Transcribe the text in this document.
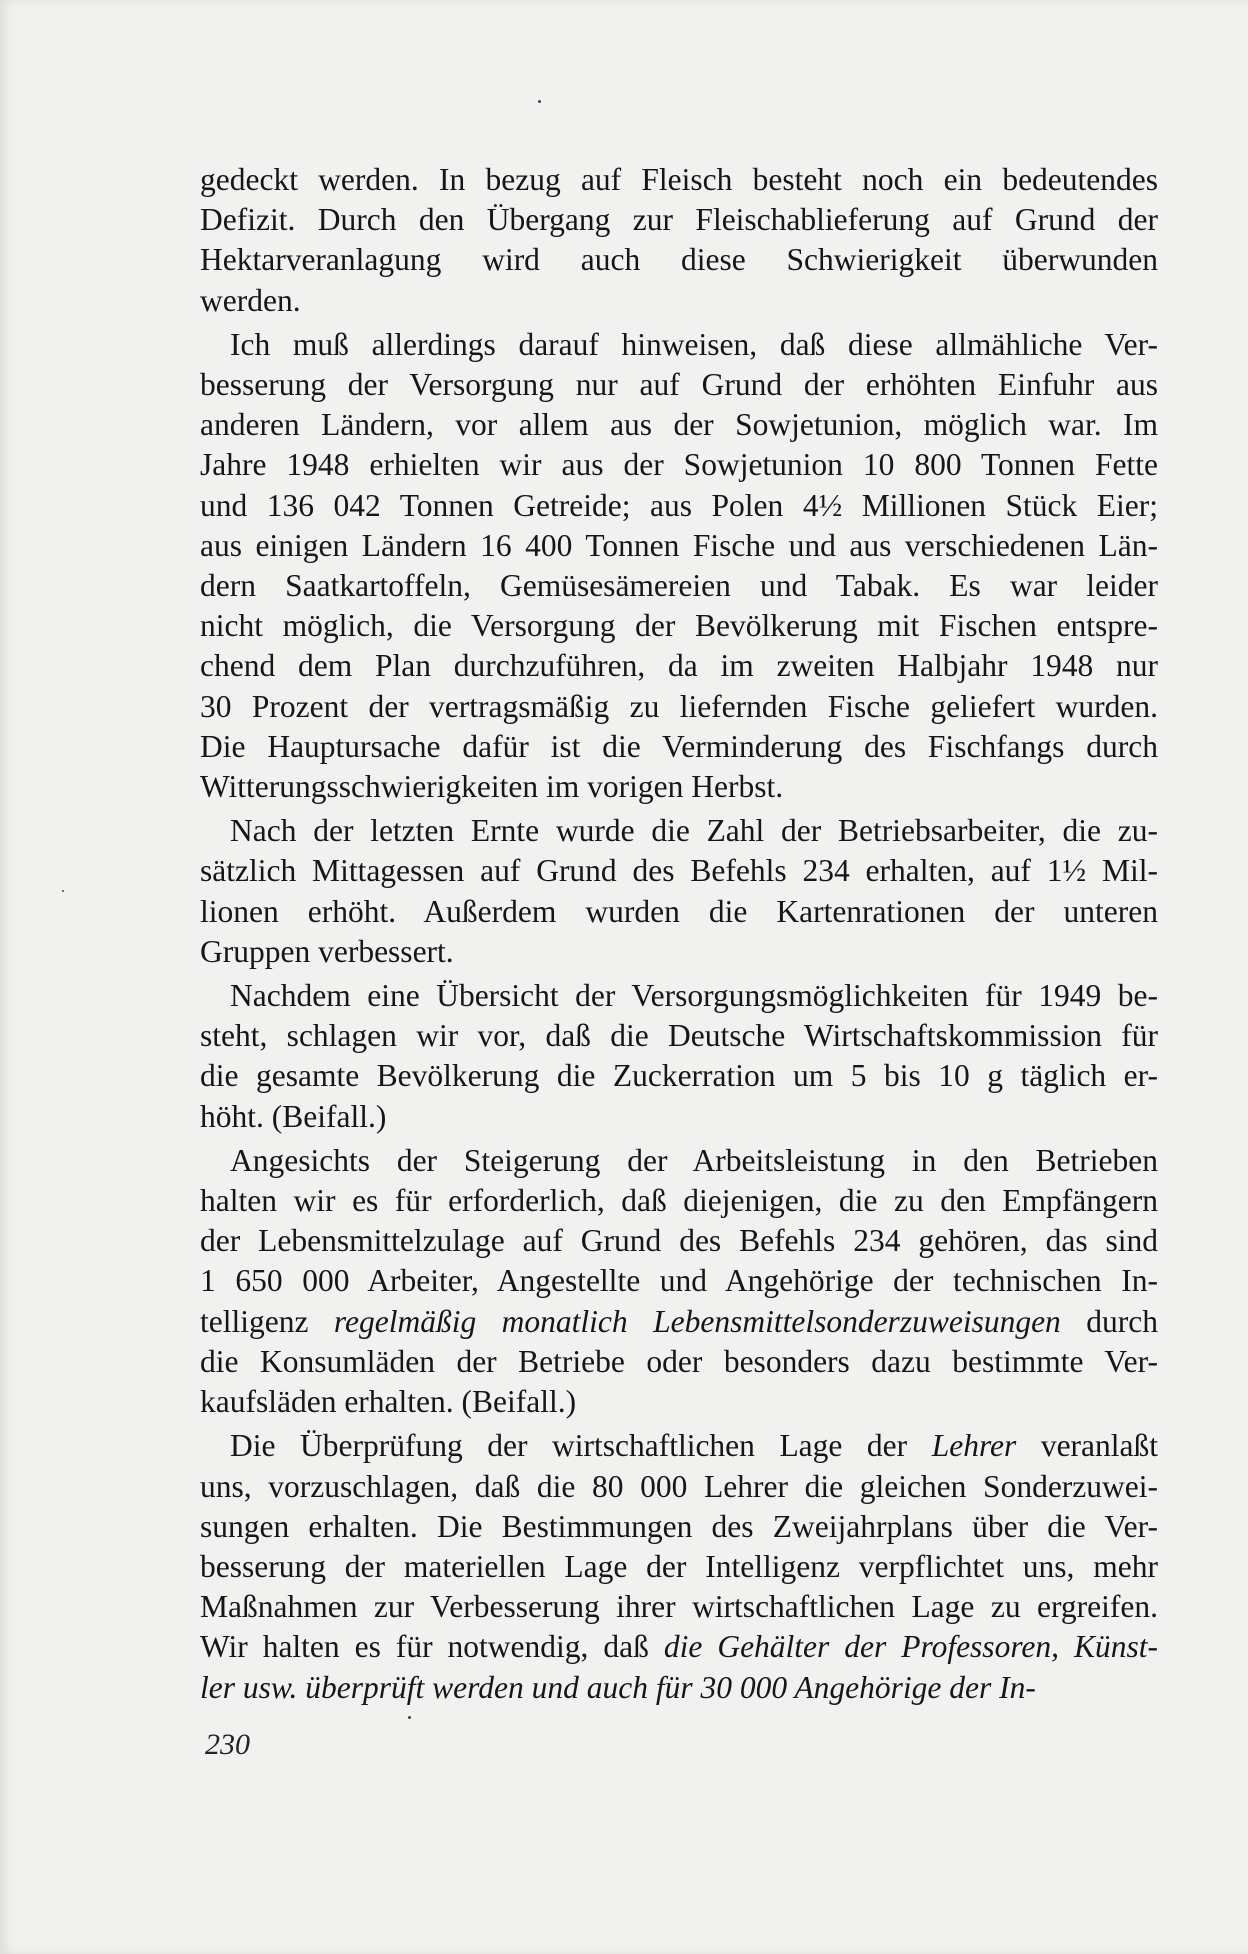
gedeckt werden. In bezug auf Fleisch besteht noch ein bedeutendes
Defizit. Durch den Übergang zur Fleischablieferung auf Grund der
Hektarveranlagung wird auch diese Schwierigkeit überwunden
werden.
Ich muß allerdings darauf hinweisen, daß diese allmähliche Ver-
besserung der Versorgung nur auf Grund der erhöhten Einfuhr aus
anderen Ländern, vor allem aus der Sowjetunion, möglich war. Im
Jahre 1948 erhielten wir aus der Sowjetunion 10 800 Tonnen Fette
und 136 042 Tonnen Getreide; aus Polen 4½ Millionen Stück Eier;
aus einigen Ländern 16 400 Tonnen Fische und aus verschiedenen Län-
dern Saatkartoffeln, Gemüsesämereien und Tabak. Es war leider
nicht möglich, die Versorgung der Bevölkerung mit Fischen entspre-
chend dem Plan durchzuführen, da im zweiten Halbjahr 1948 nur
30 Prozent der vertragsmäßig zu liefernden Fische geliefert wurden.
Die Hauptursache dafür ist die Verminderung des Fischfangs durch
Witterungsschwierigkeiten im vorigen Herbst.
Nach der letzten Ernte wurde die Zahl der Betriebsarbeiter, die zu-
sätzlich Mittagessen auf Grund des Befehls 234 erhalten, auf 1½ Mil-
lionen erhöht. Außerdem wurden die Kartenrationen der unteren
Gruppen verbessert.
Nachdem eine Übersicht der Versorgungsmöglichkeiten für 1949 be-
steht, schlagen wir vor, daß die Deutsche Wirtschaftskommission für
die gesamte Bevölkerung die Zuckerration um 5 bis 10 g täglich er-
höht. (Beifall.)
Angesichts der Steigerung der Arbeitsleistung in den Betrieben
halten wir es für erforderlich, daß diejenigen, die zu den Empfängern
der Lebensmittelzulage auf Grund des Befehls 234 gehören, das sind
1 650 000 Arbeiter, Angestellte und Angehörige der technischen In-
telligenz regelmäßig monatlich Lebensmittelsonderzuweisungen durch
die Konsumläden der Betriebe oder besonders dazu bestimmte Ver-
kaufsläden erhalten. (Beifall.)
Die Überprüfung der wirtschaftlichen Lage der Lehrer veranlaßt
uns, vorzuschlagen, daß die 80 000 Lehrer die gleichen Sonderzuwei-
sungen erhalten. Die Bestimmungen des Zweijahrplans über die Ver-
besserung der materiellen Lage der Intelligenz verpflichtet uns, mehr
Maßnahmen zur Verbesserung ihrer wirtschaftlichen Lage zu ergreifen.
Wir halten es für notwendig, daß die Gehälter der Professoren, Künst-
ler usw. überprüft werden und auch für 30 000 Angehörige der In-
230
